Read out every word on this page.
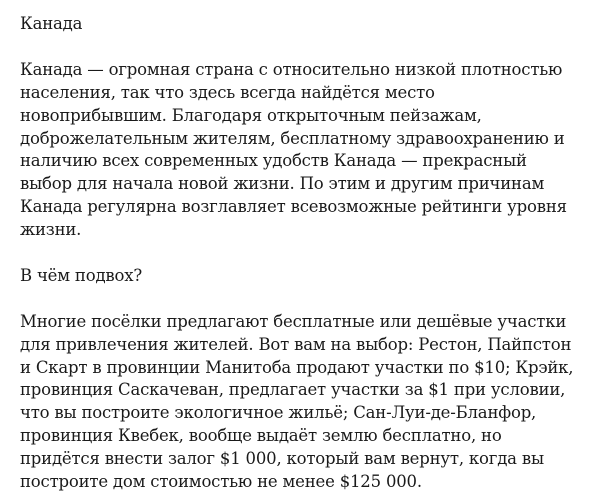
Канада

Канада — огромная страна с относительно низкой плотностью
населения, так что здесь всегда найдётся место
новоприбывшим. Благодаря открыточным пейзажам,
доброжелательным жителям, бесплатному здравоохранению и
наличию всех современных удобств Канада — прекрасный
выбор для начала новой жизни. По этим и другим причинам
Канада регулярна возглавляет всевозможные рейтинги уровня
жизни.

В чём подвох?

Многие посёлки предлагают бесплатные или дешёвые участки
для привлечения жителей. Вот вам на выбор: Рестон, Пайпстон
и Скарт в провинции Манитоба продают участки по $10; Крэйк,
провинция Саскачеван, предлагает участки за $1 при условии,
что вы построите экологичное жильё; Сан-Луи-де-Бланфор,
провинция Квебек, вообще выдаёт землю бесплатно, но
придётся внести залог $1 000, который вам вернут, когда вы
построите дом стоимостью не менее $125 000.
